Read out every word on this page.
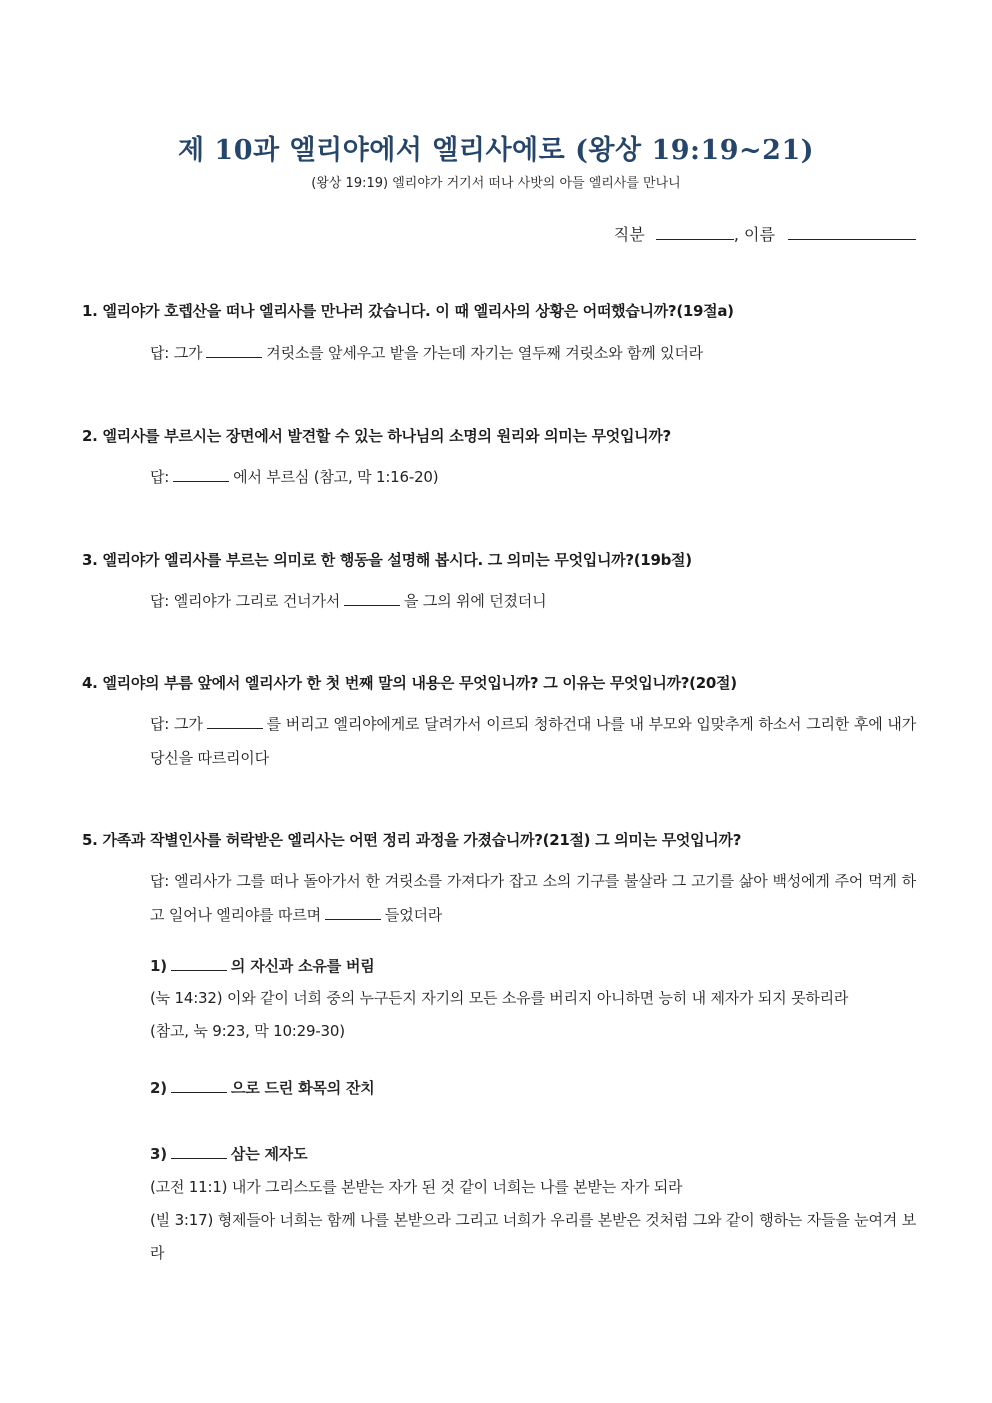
제 10과 엘리야에서 엘리사에로 (왕상 19:19~21)
(왕상 19:19) 엘리야가 거기서 떠나 사밧의 아들 엘리사를 만나니
직분	, 이름
1. 엘리야가 호렙산을 떠나 엘리사를 만나러 갔습니다. 이 때 엘리사의 상황은 어떠했습니까?(19절a)
답: 그가	겨릿소를 앞세우고 밭을 가는데 자기는 열두째 겨릿소와 함께 있더라
2. 엘리사를 부르시는 장면에서 발견할 수 있는 하나님의 소명의 원리와 의미는 무엇입니까?
답:	에서 부르심 (참고, 막 1:16-20)
3. 엘리야가 엘리사를 부르는 의미로 한 행동을 설명해 봅시다. 그 의미는 무엇입니까?(19b절)
답: 엘리야가 그리로 건너가서	을 그의 위에 던졌더니
4. 엘리야의 부름 앞에서 엘리사가 한 첫 번째 말의 내용은 무엇입니까? 그 이유는 무엇입니까?(20절)
답: 그가	를 버리고 엘리야에게로 달려가서 이르되 청하건대 나를 내 부모와 입맞추게 하소서 그리한 후에 내가 당신을 따르리이다
5. 가족과 작별인사를 허락받은 엘리사는 어떤 정리 과정을 가졌습니까?(21절) 그 의미는 무엇입니까?
답: 엘리사가 그를 떠나 돌아가서 한 겨릿소를 가져다가 잡고 소의 기구를 불살라 그 고기를 삶아 백성에게 주어 먹게 하고 일어나 엘리야를 따르며	들었더라
1)	의 자신과 소유를 버림
(눅 14:32) 이와 같이 너희 중의 누구든지 자기의 모든 소유를 버리지 아니하면 능히 내 제자가 되지 못하리라
(참고, 눅 9:23, 막 10:29-30)
2)	으로 드린 화목의 잔치
3)	삼는 제자도
(고전 11:1) 내가 그리스도를 본받는 자가 된 것 같이 너희는 나를 본받는 자가 되라
(빌 3:17) 형제들아 너희는 함께 나를 본받으라 그리고 너희가 우리를 본받은 것처럼 그와 같이 행하는 자들을 눈여겨 보라
